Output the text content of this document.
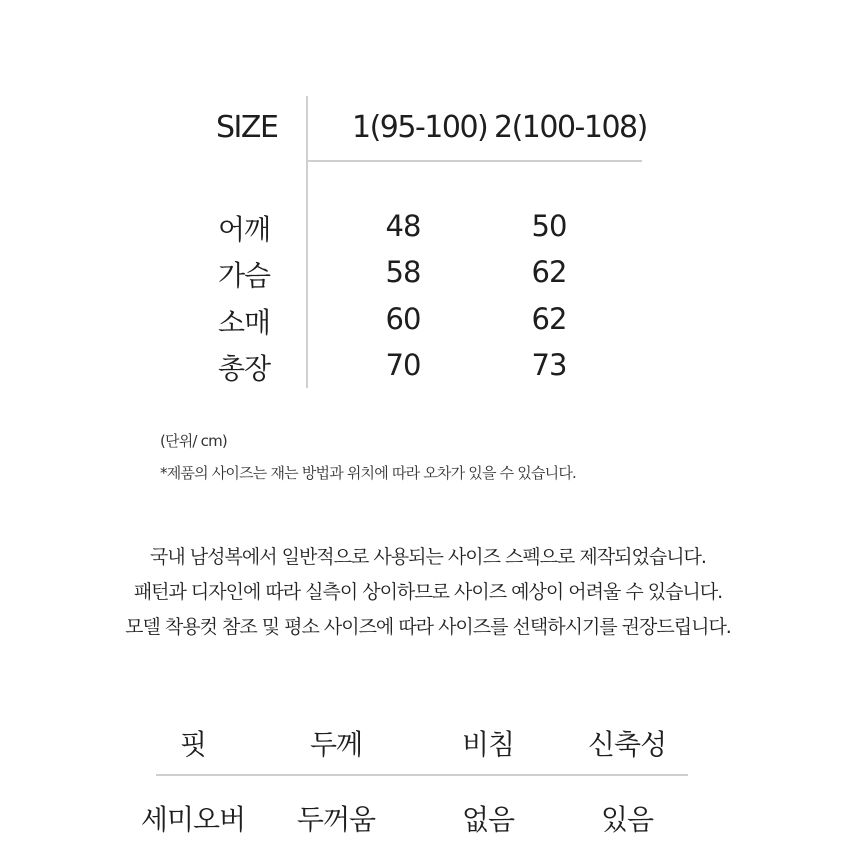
SIZE 1(95-100) 2(100-108)
어깨	48	50
가슴	58	62
소매	60	62
총장	70	73
(단위/ cm)
*제품의 사이즈는 재는 방법과 위치에 따라 오차가 있을 수 있습니다.
국내 남성복에서 일반적으로 사용되는 사이즈 스펙으로 제작되었습니다.
패턴과 디자인에 따라 실측이 상이하므로 사이즈 예상이 어려울 수 있습니다.
모델 착용컷 참조 및 평소 사이즈에 따라 사이즈를 선택하시기를 권장드립니다.
핏	두께	비침	신축성
세미오버	두꺼움	없음	있음
